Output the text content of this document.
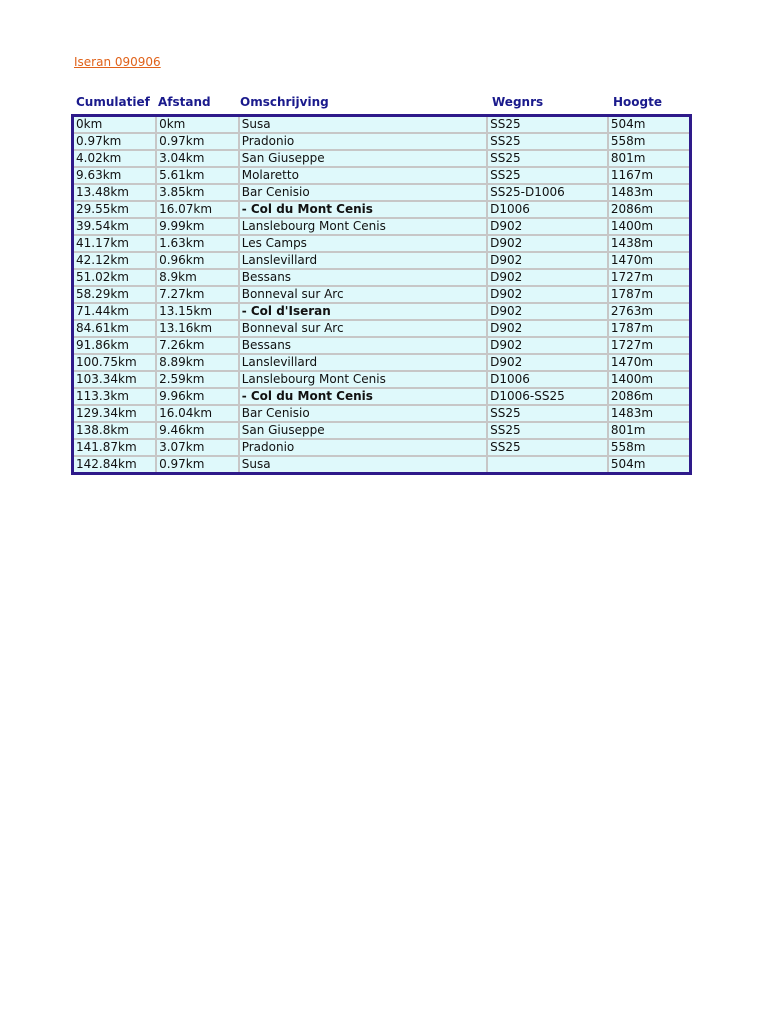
Iseran 090906
Cumulatief Afstand Omschrijving	Wegnrs	Hoogte
0km	0km	Susa	SS25	504m
0.97km	0.97km	Pradonio	SS25	558m
4.02km	3.04km	San Giuseppe	SS25	801m
9.63km	5.61km	Molaretto	SS25	1167m
13.48km	3.85km	Bar Cenisio	SS25-D1006	1483m
29.55km	16.07km	- Col du Mont Cenis	D1006	2086m
39.54km	9.99km	Lanslebourg Mont Cenis	D902	1400m
41.17km	1.63km	Les Camps	D902	1438m
42.12km	0.96km	Lanslevillard	D902	1470m
51.02km	8.9km	Bessans	D902	1727m
58.29km	7.27km	Bonneval sur Arc	D902	1787m
71.44km	13.15km	- Col d'Iseran	D902	2763m
84.61km	13.16km	Bonneval sur Arc	D902	1787m
91.86km	7.26km	Bessans	D902	1727m
100.75km	8.89km	Lanslevillard	D902	1470m
103.34km	2.59km	Lanslebourg Mont Cenis	D1006	1400m
113.3km	9.96km	- Col du Mont Cenis	D1006-SS25	2086m
129.34km	16.04km	Bar Cenisio	SS25	1483m
138.8km	9.46km	San Giuseppe	SS25	801m
141.87km	3.07km	Pradonio	SS25	558m
142.84km	0.97km	Susa		504m
